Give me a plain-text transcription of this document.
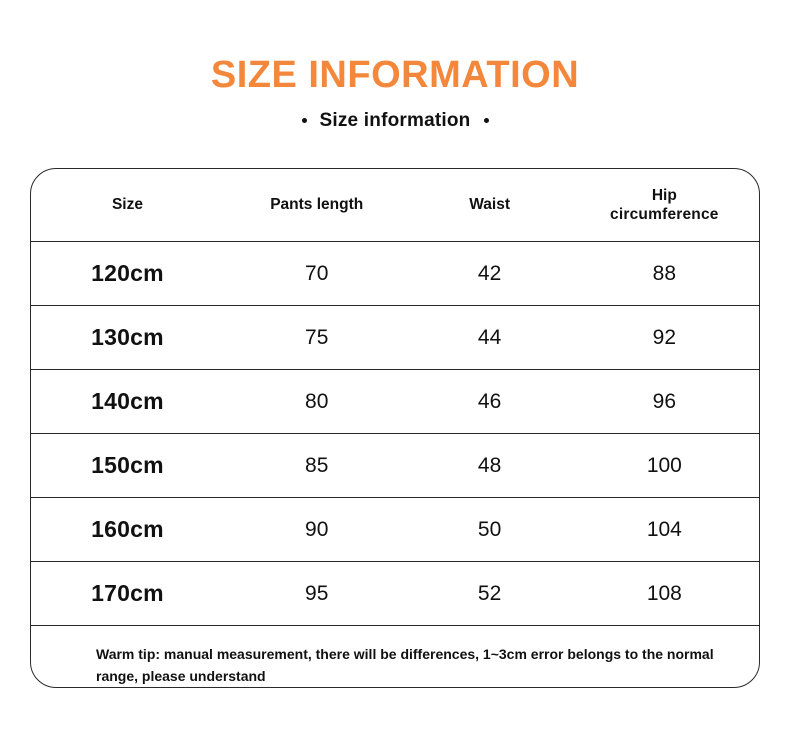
SIZE INFORMATION
Size information
Size	Pants length	Waist	Hip
circumference

120cm	70	42	88
130cm	75	44	92
140cm	80	46	96
150cm	85	48	100
160cm	90	50	104
170cm	95	52	108
Warm tip: manual measurement, there will be differences, 1~3cm error belongs to the normal range, please understand			
